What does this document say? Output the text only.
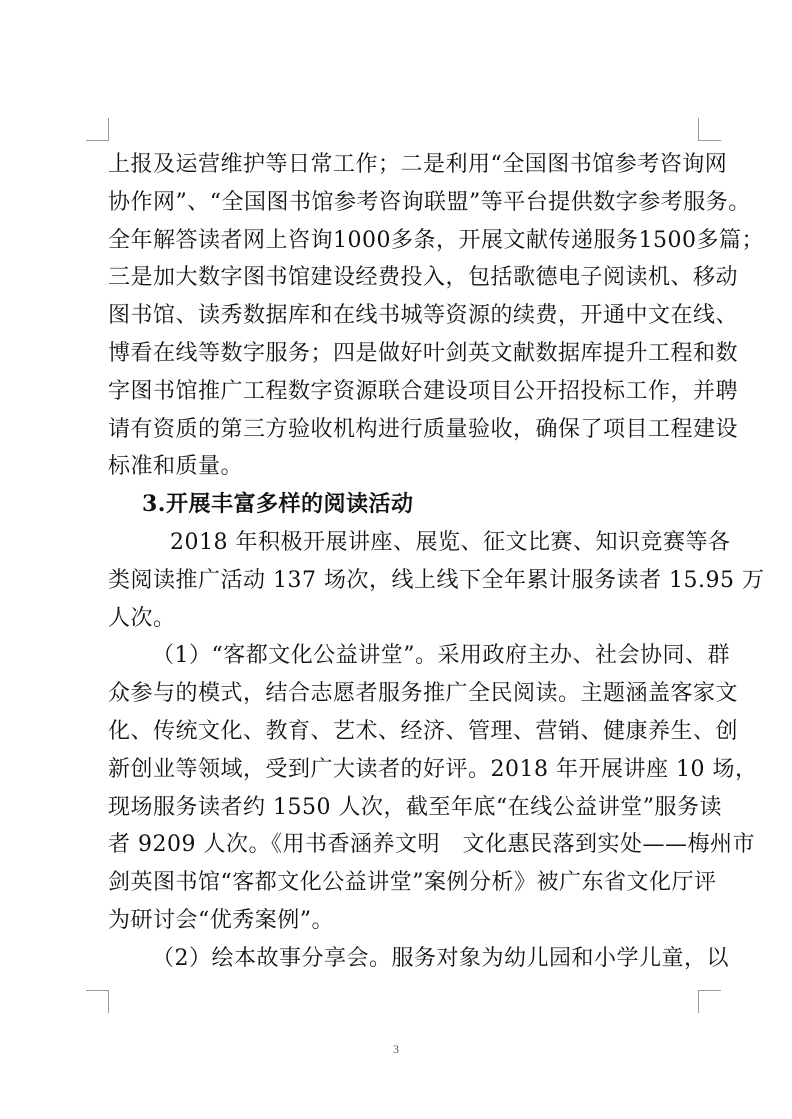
上报及运营维护等日常工作；二是利用“全国图书馆参考咨询网
协作网”、“全国图书馆参考咨询联盟”等平台提供数字参考服务。
全年解答读者网上咨询1000多条，开展文献传递服务1500多篇；
三是加大数字图书馆建设经费投入，包括歌德电子阅读机、移动
图书馆、读秀数据库和在线书城等资源的续费，开通中文在线、
博看在线等数字服务；四是做好叶剑英文献数据库提升工程和数
字图书馆推广工程数字资源联合建设项目公开招投标工作，并聘
请有资质的第三方验收机构进行质量验收，确保了项目工程建设
标准和质量。
3.开展丰富多样的阅读活动
2018 年积极开展讲座、展览、征文比赛、知识竞赛等各
类阅读推广活动 137 场次，线上线下全年累计服务读者 15.95 万
人次。
（1）“客都文化公益讲堂”。采用政府主办、社会协同、群
众参与的模式，结合志愿者服务推广全民阅读。主题涵盖客家文
化、传统文化、教育、艺术、经济、管理、营销、健康养生、创
新创业等领域，受到广大读者的好评。2018 年开展讲座 10 场，
现场服务读者约 1550 人次，截至年底“在线公益讲堂”服务读
者 9209 人次。《用书香涵养文明　文化惠民落到实处——梅州市
剑英图书馆“客都文化公益讲堂”案例分析》被广东省文化厅评
为研讨会“优秀案例”。
（2）绘本故事分享会。服务对象为幼儿园和小学儿童，以
3
